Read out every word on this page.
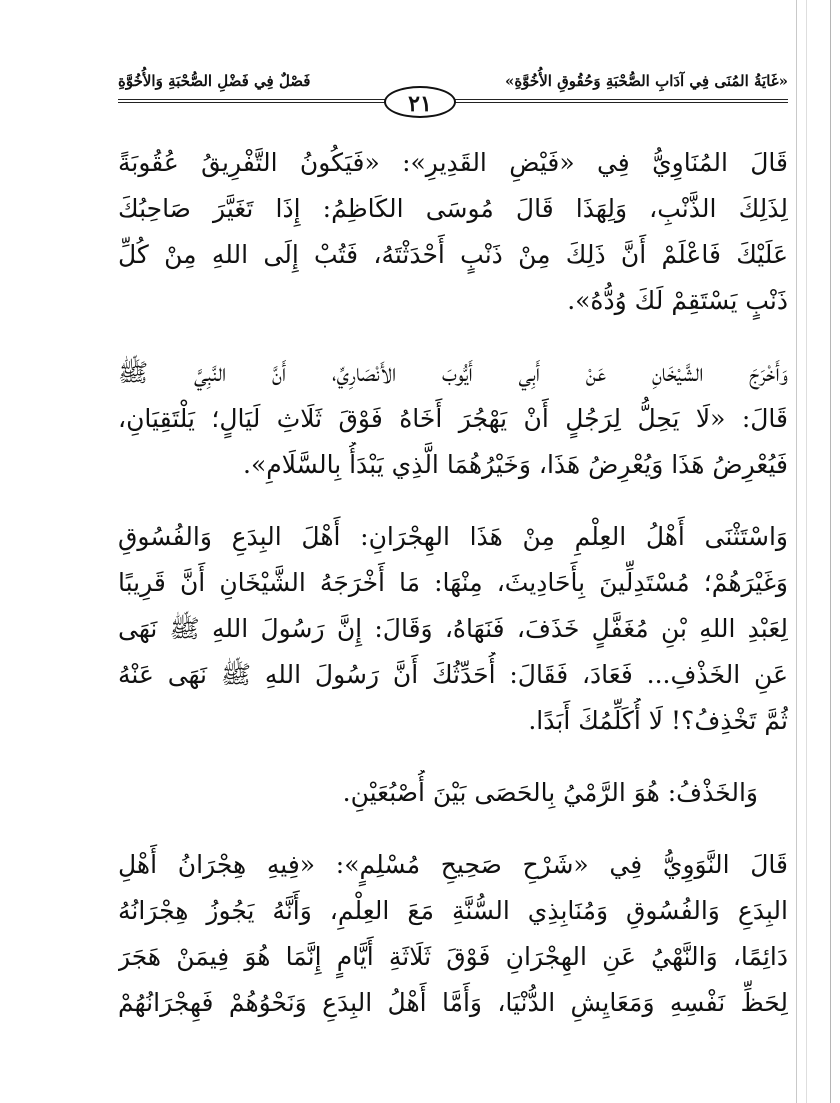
«غَايَةُ المُنَى فِي آدَابِ الصُّحْبَةِ وَحُقُوقِ الأُخُوَّةِ»
فَصْلٌ فِي فَضْلِ الصُّحْبَةِ وَالأُخُوَّةِ
٢١
قَالَ المُنَاوِيُّ فِي «فَيْضِ القَدِيرِ»: «فَيَكُونُ التَّفْرِيقُ عُقُوبَةً
لِذَلِكَ الذَّنْبِ، وَلِهَذَا قَالَ مُوسَى الكَاظِمُ: إِذَا تَغَيَّرَ صَاحِبُكَ
عَلَيْكَ فَاعْلَمْ أَنَّ ذَلِكَ مِنْ ذَنْبٍ أَحْدَثْتَهُ، فَتُبْ إِلَى اللهِ مِنْ كُلِّ
ذَنْبٍ يَسْتَقِمْ لَكَ وُدُّهُ».
وَأَخْرَجَ الشَّيْخَانِ عَنْ أَبِي أَيُّوبَ الأَنْصَارِيِّ، أَنَّ النَّبِيَّ ﷺ
قَالَ: «لَا يَحِلُّ لِرَجُلٍ أَنْ يَهْجُرَ أَخَاهُ فَوْقَ ثَلَاثِ لَيَالٍ؛ يَلْتَقِيَانِ،
فَيُعْرِضُ هَذَا وَيُعْرِضُ هَذَا، وَخَيْرُهُمَا الَّذِي يَبْدَأُ بِالسَّلَامِ».
وَاسْتَثْنَى أَهْلُ العِلْمِ مِنْ هَذَا الهِجْرَانِ: أَهْلَ البِدَعِ وَالفُسُوقِ
وَغَيْرَهُمْ؛ مُسْتَدِلِّينَ بِأَحَادِيثَ، مِنْهَا: مَا أَخْرَجَهُ الشَّيْخَانِ أَنَّ قَرِيبًا
لِعَبْدِ اللهِ بْنِ مُغَفَّلٍ خَذَفَ، فَنَهَاهُ، وَقَالَ: إِنَّ رَسُولَ اللهِ ﷺ نَهَى
عَنِ الخَذْفِ... فَعَادَ، فَقَالَ: أُحَدِّثُكَ أَنَّ رَسُولَ اللهِ ﷺ نَهَى عَنْهُ
ثُمَّ تَخْذِفُ؟! لَا أُكَلِّمُكَ أَبَدًا.
وَالخَذْفُ: هُوَ الرَّمْيُ بِالحَصَى بَيْنَ أُصْبُعَيْنِ.
قَالَ النَّوَوِيُّ فِي «شَرْحِ صَحِيحِ مُسْلِمٍ»: «فِيهِ هِجْرَانُ أَهْلِ
البِدَعِ وَالفُسُوقِ وَمُنَابِذِي السُّنَّةِ مَعَ العِلْمِ، وَأَنَّهُ يَجُوزُ هِجْرَانُهُ
دَائِمًا، وَالنَّهْيُ عَنِ الهِجْرَانِ فَوْقَ ثَلَاثَةِ أَيَّامٍ إِنَّمَا هُوَ فِيمَنْ هَجَرَ
لِحَظِّ نَفْسِهِ وَمَعَايِشِ الدُّنْيَا، وَأَمَّا أَهْلُ البِدَعِ وَنَحْوُهُمْ فَهِجْرَانُهُمْ
